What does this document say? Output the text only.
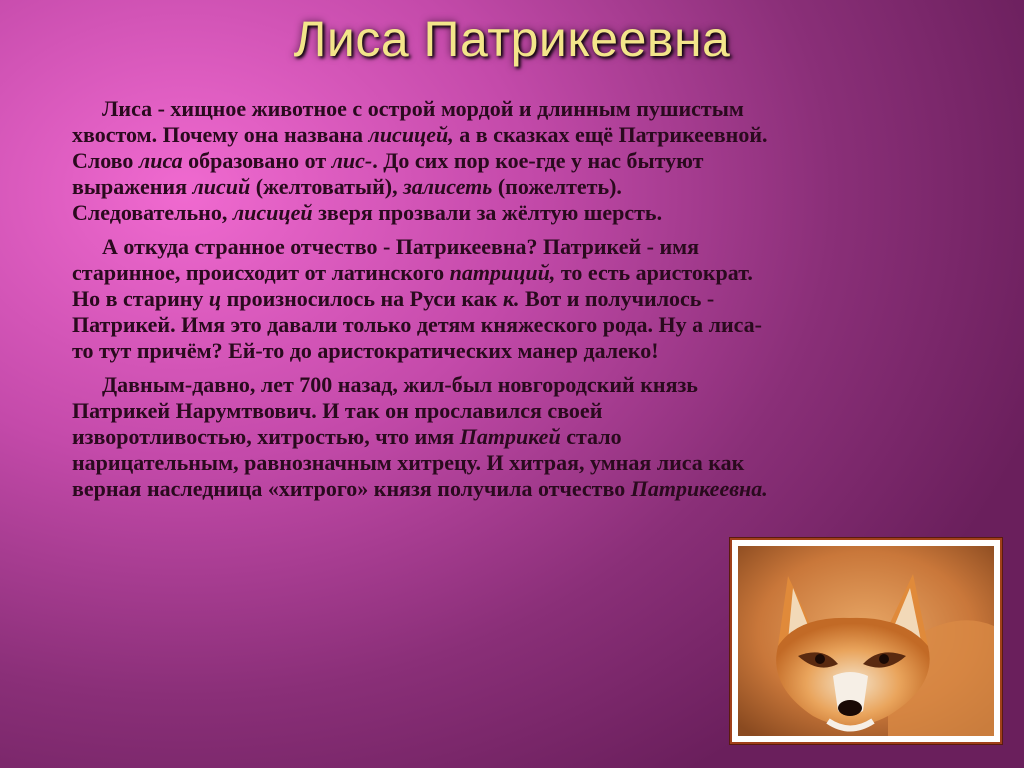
Лиса Патрикеевна

Лиса - хищное животное с острой мордой и длинным пушистым хвостом. Почему она названа лисицей, а в сказках ещё Патрикеевной. Слово лиса образовано от лис-. До сих пор кое-где у нас бытуют выражения лисий (желтоватый), залисеть (пожелтеть). Следовательно, лисицей зверя прозвали за жёлтую шерсть.

А откуда странное отчество - Патрикеевна? Патрикей - имя старинное, происходит от латинского патриций, то есть аристократ. Но в старину ц произносилось на Руси как к. Вот и получилось - Патрикей. Имя это давали только детям княжеского рода. Ну а лиса-то тут причём? Ей-то до аристократических манер далеко!

Давным-давно, лет 700 назад, жил-был новгородский князь Патрикей Нарумтвович. И так он прославился своей изворотливостью, хитростью, что имя Патрикей стало нарицательным, равнозначным хитрецу. И хитрая, умная лиса как верная наследница «хитрого» князя получила отчество Патрикеевна.
